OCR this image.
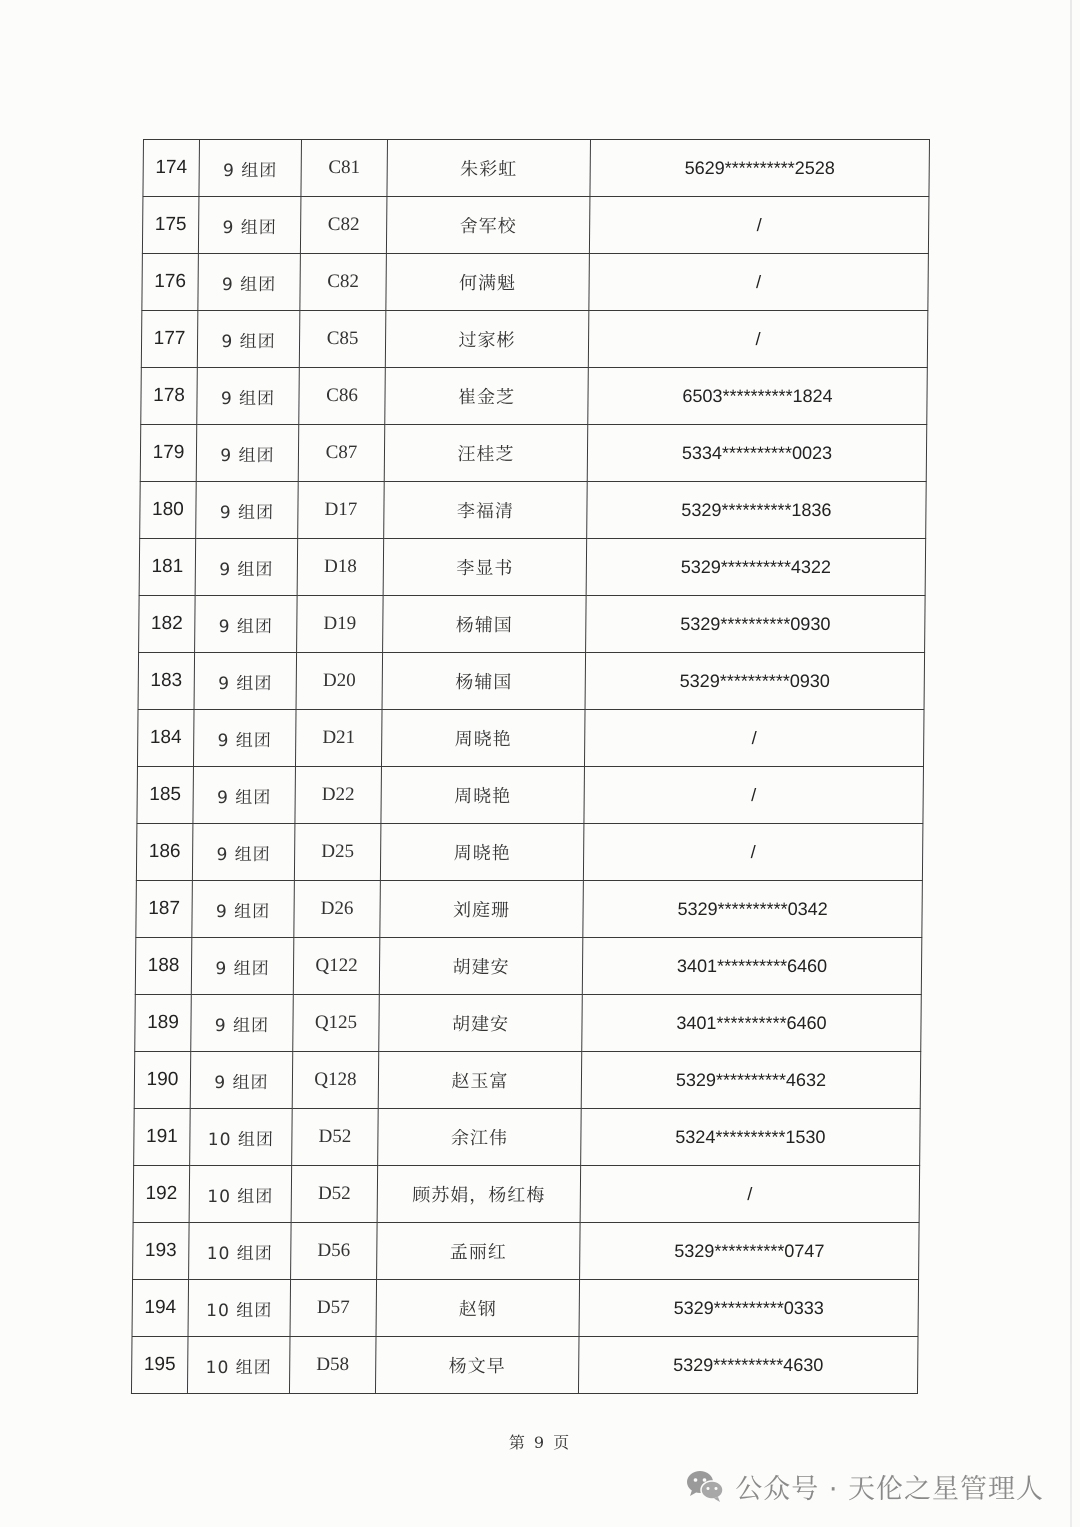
174	9 组团	C81	朱彩虹	5629**********2528
175	9 组团	C82	舍军校	/
176	9 组团	C82	何满魁	/
177	9 组团	C85	过家彬	/
178	9 组团	C86	崔金芝	6503**********1824
179	9 组团	C87	汪桂芝	5334**********0023
180	9 组团	D17	李福清	5329**********1836
181	9 组团	D18	李显书	5329**********4322
182	9 组团	D19	杨辅国	5329**********0930
183	9 组团	D20	杨辅国	5329**********0930
184	9 组团	D21	周晓艳	/
185	9 组团	D22	周晓艳	/
186	9 组团	D25	周晓艳	/
187	9 组团	D26	刘庭珊	5329**********0342
188	9 组团	Q122	胡建安	3401**********6460
189	9 组团	Q125	胡建安	3401**********6460
190	9 组团	Q128	赵玉富	5329**********4632
191	10 组团	D52	余江伟	5324**********1530
192	10 组团	D52	顾苏娟，杨红梅	/
193	10 组团	D56	孟丽红	5329**********0747
194	10 组团	D57	赵钢	5329**********0333
195	10 组团	D58	杨文早	5329**********4630
第 9 页
公众号 · 天伦之星管理人
